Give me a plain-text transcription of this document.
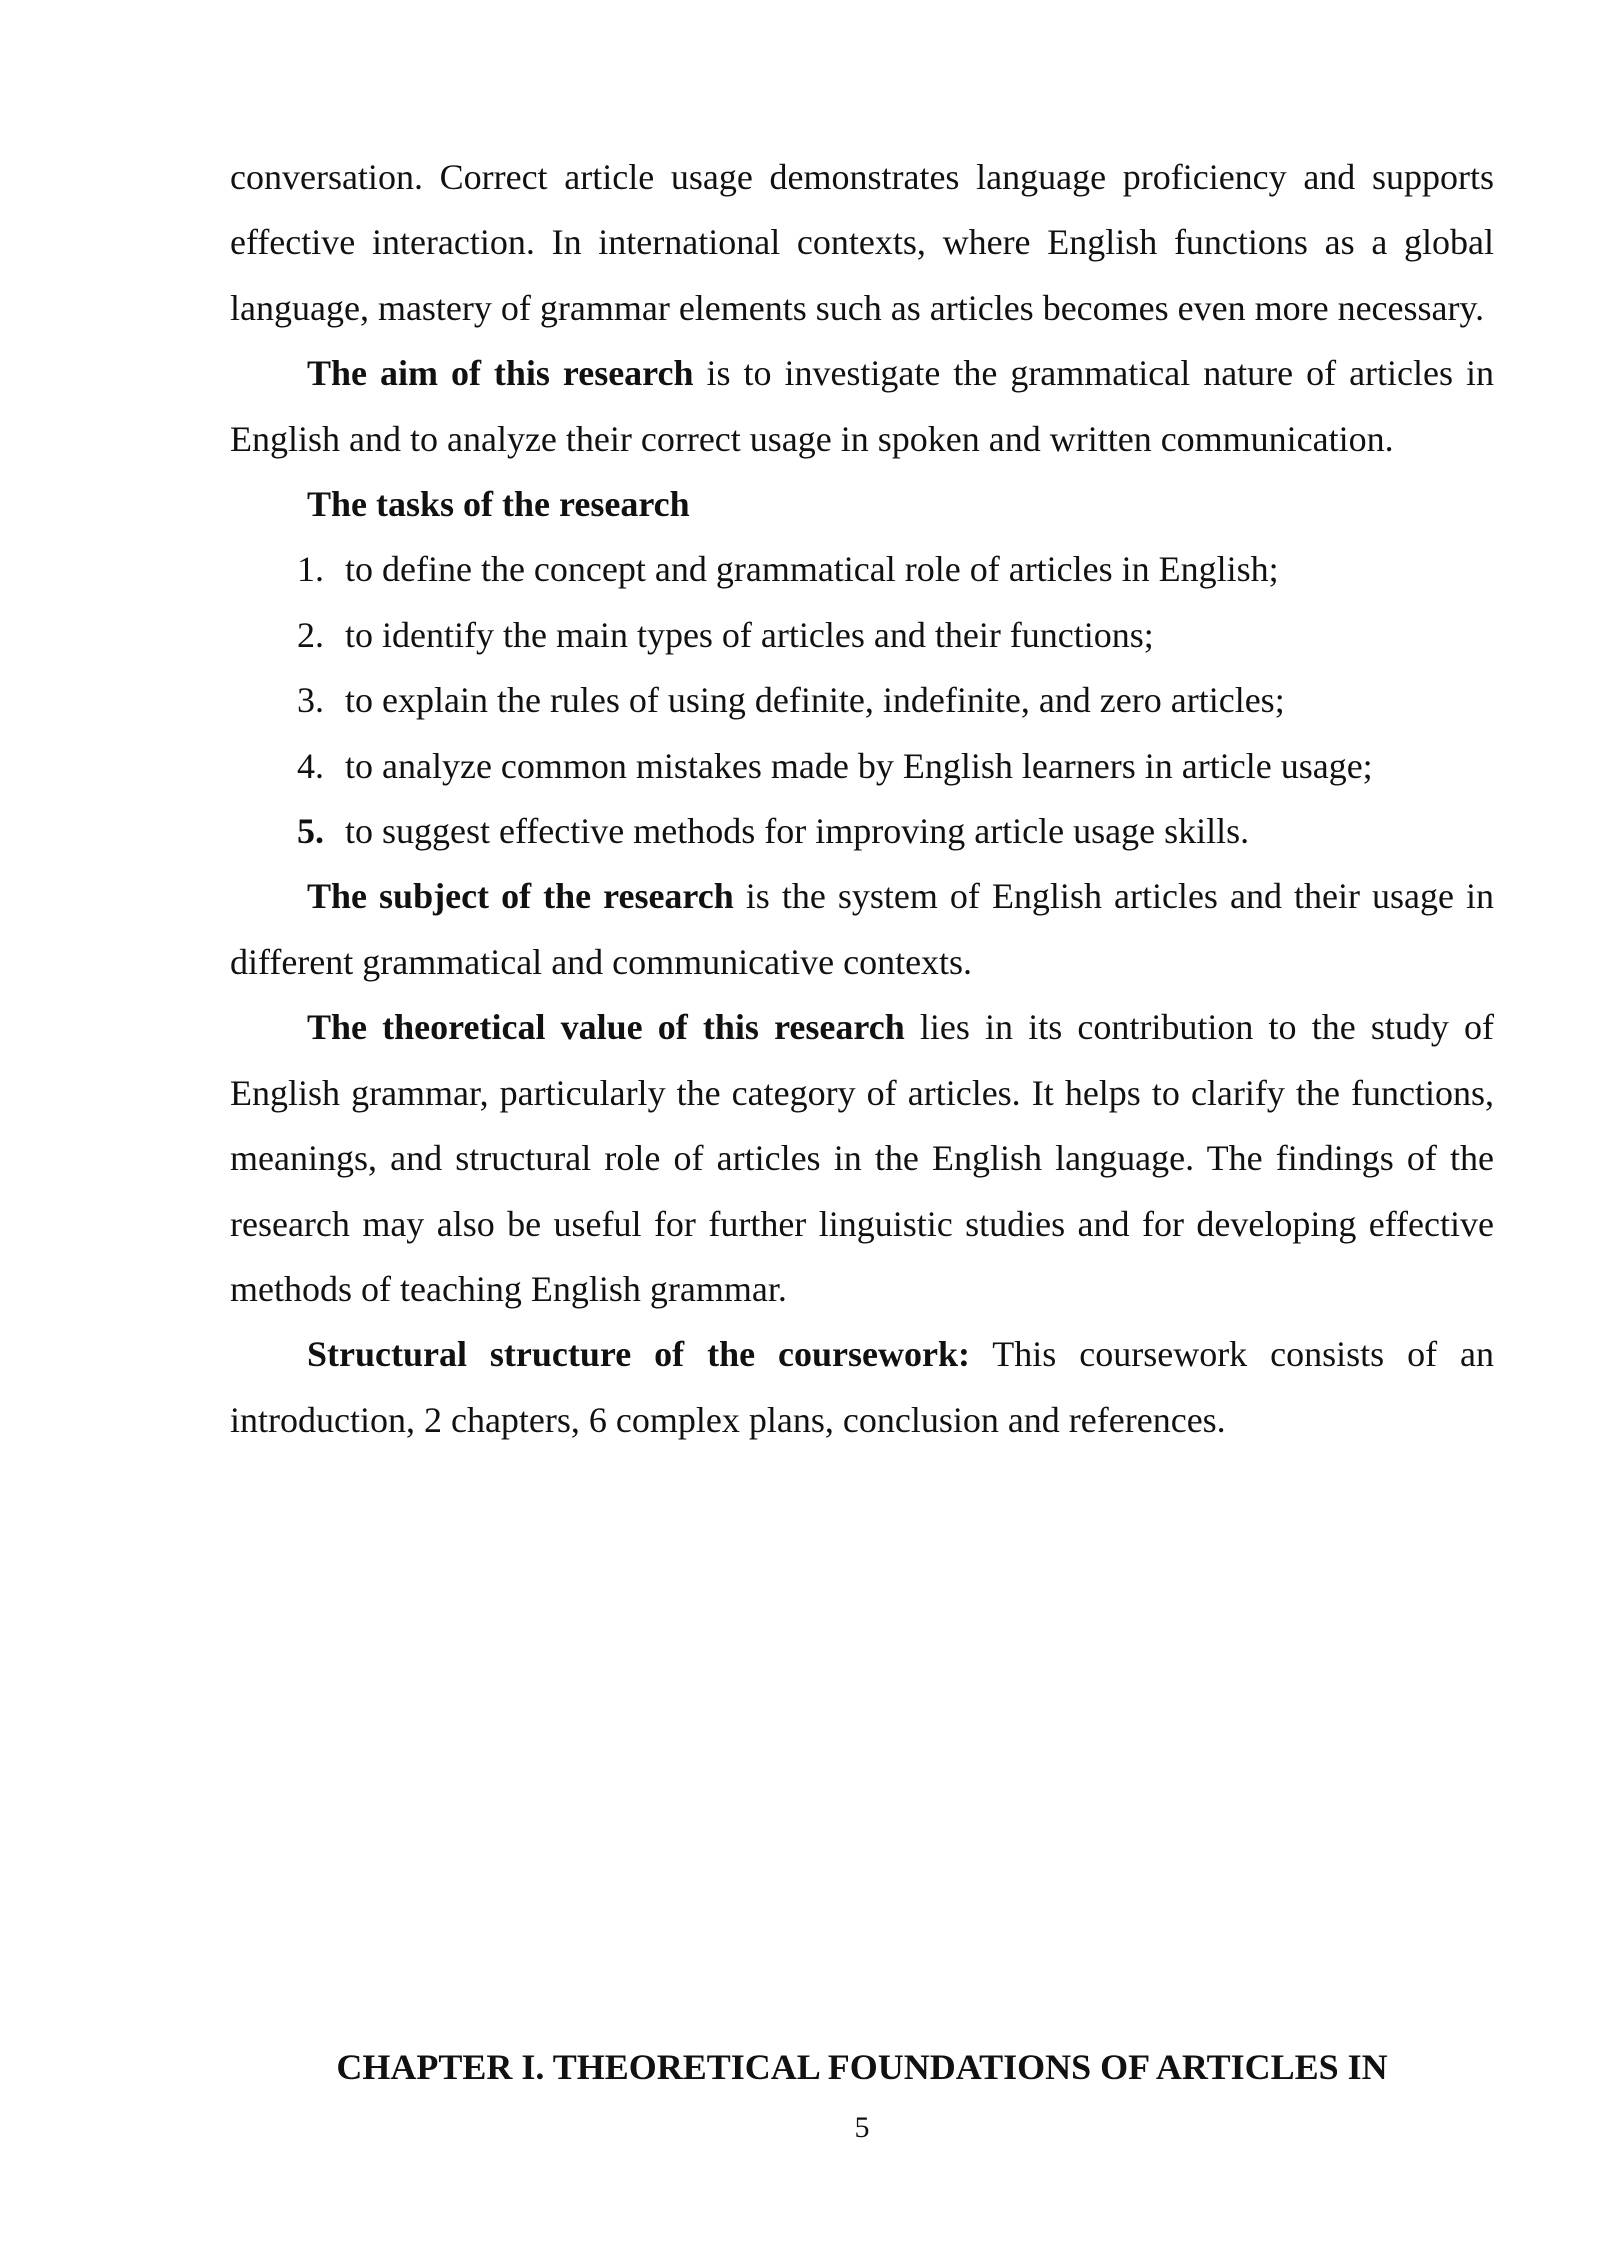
conversation. Correct article usage demonstrates language proficiency and supports effective interaction. In international contexts, where English functions as a global language, mastery of grammar elements such as articles becomes even more necessary.

The aim of this research is to investigate the grammatical nature of articles in English and to analyze their correct usage in spoken and written communication.

The tasks of the research

1. to define the concept and grammatical role of articles in English;
2. to identify the main types of articles and their functions;
3. to explain the rules of using definite, indefinite, and zero articles;
4. to analyze common mistakes made by English learners in article usage;
5. to suggest effective methods for improving article usage skills.

The subject of the research is the system of English articles and their usage in different grammatical and communicative contexts.

The theoretical value of this research lies in its contribution to the study of English grammar, particularly the category of articles. It helps to clarify the functions, meanings, and structural role of articles in the English language. The findings of the research may also be useful for further linguistic studies and for developing effective methods of teaching English grammar.

Structural structure of the coursework: This coursework consists of an introduction, 2 chapters, 6 complex plans, conclusion and references.

CHAPTER I. THEORETICAL FOUNDATIONS OF ARTICLES IN
5
